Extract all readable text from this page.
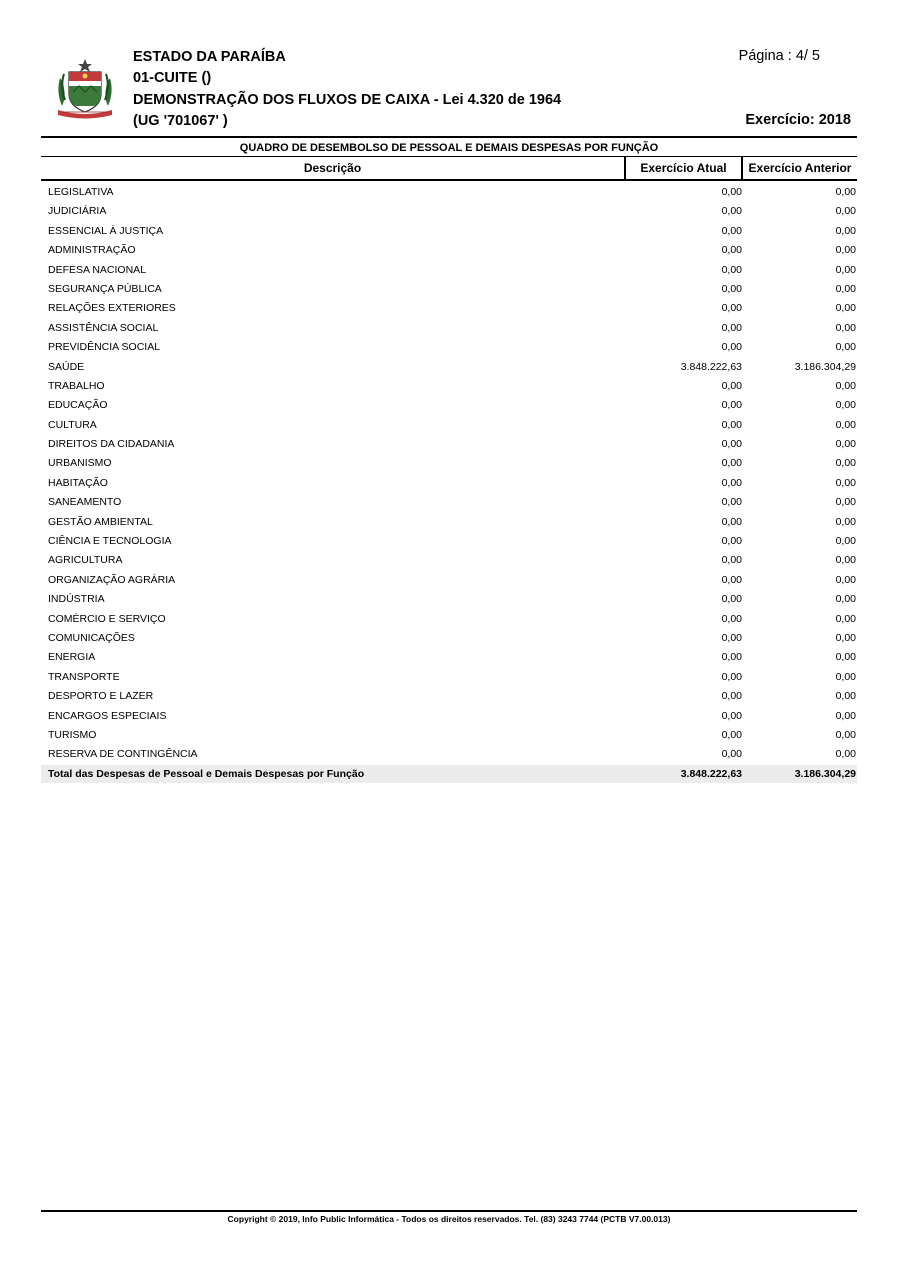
ESTADO DA PARAÍBA
01-CUITE ()
DEMONSTRAÇÃO DOS FLUXOS DE CAIXA - Lei 4.320 de 1964
(UG '701067' )
Página : 4/ 5
Exercício: 2018
QUADRO DE DESEMBOLSO DE PESSOAL E DEMAIS DESPESAS POR FUNÇÃO
Descrição	Exercício Atual	Exercício Anterior
LEGISLATIVA	0,00	0,00
JUDICIÁRIA	0,00	0,00
ESSENCIAL À JUSTIÇA	0,00	0,00
ADMINISTRAÇÃO	0,00	0,00
DEFESA NACIONAL	0,00	0,00
SEGURANÇA PÚBLICA	0,00	0,00
RELAÇÕES EXTERIORES	0,00	0,00
ASSISTÊNCIA SOCIAL	0,00	0,00
PREVIDÊNCIA SOCIAL	0,00	0,00
SAÚDE	3.848.222,63	3.186.304,29
TRABALHO	0,00	0,00
EDUCAÇÃO	0,00	0,00
CULTURA	0,00	0,00
DIREITOS DA CIDADANIA	0,00	0,00
URBANISMO	0,00	0,00
HABITAÇÃO	0,00	0,00
SANEAMENTO	0,00	0,00
GESTÃO AMBIENTAL	0,00	0,00
CIÊNCIA E TECNOLOGIA	0,00	0,00
AGRICULTURA	0,00	0,00
ORGANIZAÇÃO AGRÁRIA	0,00	0,00
INDÚSTRIA	0,00	0,00
COMÉRCIO E SERVIÇO	0,00	0,00
COMUNICAÇÕES	0,00	0,00
ENERGIA	0,00	0,00
TRANSPORTE	0,00	0,00
DESPORTO E LAZER	0,00	0,00
ENCARGOS ESPECIAIS	0,00	0,00
TURISMO	0,00	0,00
RESERVA DE CONTINGÊNCIA	0,00	0,00
Total das Despesas de Pessoal e Demais Despesas por Função	3.848.222,63	3.186.304,29
Copyright © 2019, Info Public Informática - Todos os direitos reservados. Tel. (83) 3243 7744 (PCTB V7.00.013)
